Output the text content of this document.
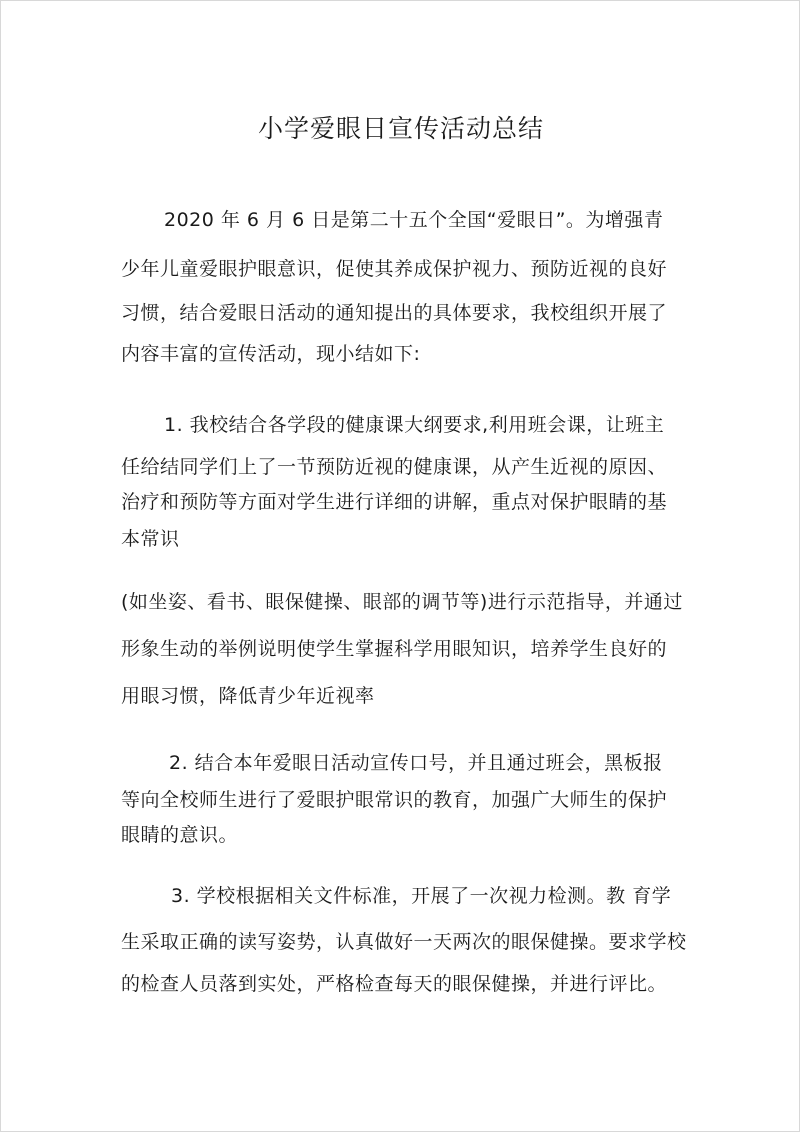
小学爱眼日宣传活动总结
2020 年 6 月 6 日是第二十五个全国“爱眼日”。为增强青
少年儿童爱眼护眼意识，促使其养成保护视力、预防近视的良好
习惯，结合爱眼日活动的通知提出的具体要求，我校组织开展了
内容丰富的宣传活动，现小结如下:
1. 我校结合各学段的健康课大纲要求,利用班会课，让班主
任给结同学们上了一节预防近视的健康课，从产生近视的原因、
治疗和预防等方面对学生进行详细的讲解，重点对保护眼睛的基
本常识
(如坐姿、看书、眼保健操、眼部的调节等)进行示范指导，并通过
形象生动的举例说明使学生掌握科学用眼知识，培养学生良好的
用眼习惯，降低青少年近视率
2. 结合本年爱眼日活动宣传口号，并且通过班会，黑板报
等向全校师生进行了爱眼护眼常识的教育，加强广大师生的保护
眼睛的意识。
3. 学校根据相关文件标准，开展了一次视力检测。教 育学
生采取正确的读写姿势，认真做好一天两次的眼保健操。要求学校
的检查人员落到实处，严格检查每天的眼保健操，并进行评比。
